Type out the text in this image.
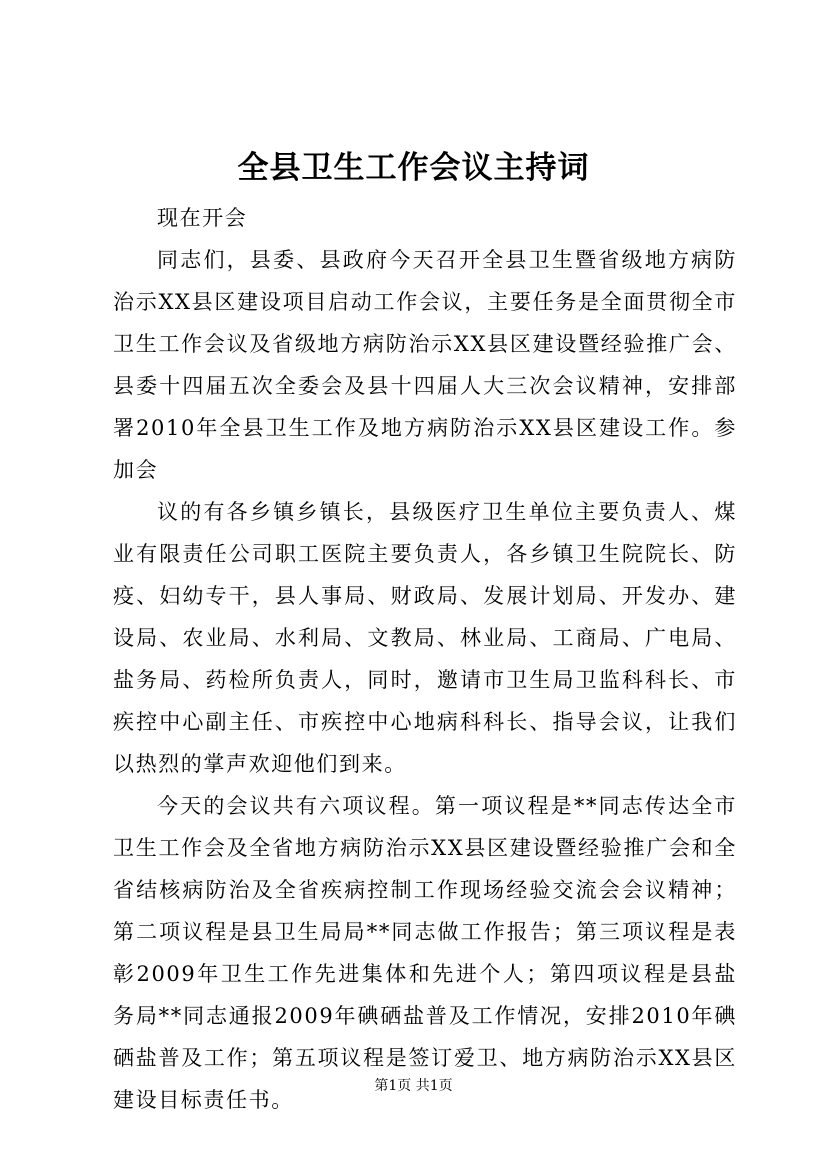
全县卫生工作会议主持词

现在开会

同志们，县委、县政府今天召开全县卫生暨省级地方病防治示XX县区建设项目启动工作会议，主要任务是全面贯彻全市卫生工作会议及省级地方病防治示XX县区建设暨经验推广会、县委十四届五次全委会及县十四届人大三次会议精神，安排部署2010年全县卫生工作及地方病防治示XX县区建设工作。参加会

议的有各乡镇乡镇长，县级医疗卫生单位主要负责人、煤业有限责任公司职工医院主要负责人，各乡镇卫生院院长、防疫、妇幼专干，县人事局、财政局、发展计划局、开发办、建设局、农业局、水利局、文教局、林业局、工商局、广电局、盐务局、药检所负责人，同时，邀请市卫生局卫监科科长、市疾控中心副主任、市疾控中心地病科科长、指导会议，让我们以热烈的掌声欢迎他们到来。

今天的会议共有六项议程。第一项议程是**同志传达全市卫生工作会及全省地方病防治示XX县区建设暨经验推广会和全省结核病防治及全省疾病控制工作现场经验交流会会议精神；第二项议程是县卫生局局**同志做工作报告；第三项议程是表彰2009年卫生工作先进集体和先进个人；第四项议程是县盐务局**同志通报2009年碘硒盐普及工作情况，安排2010年碘硒盐普及工作；第五项议程是签订爱卫、地方病防治示XX县区建设目标责任书。

第1页 共1页
